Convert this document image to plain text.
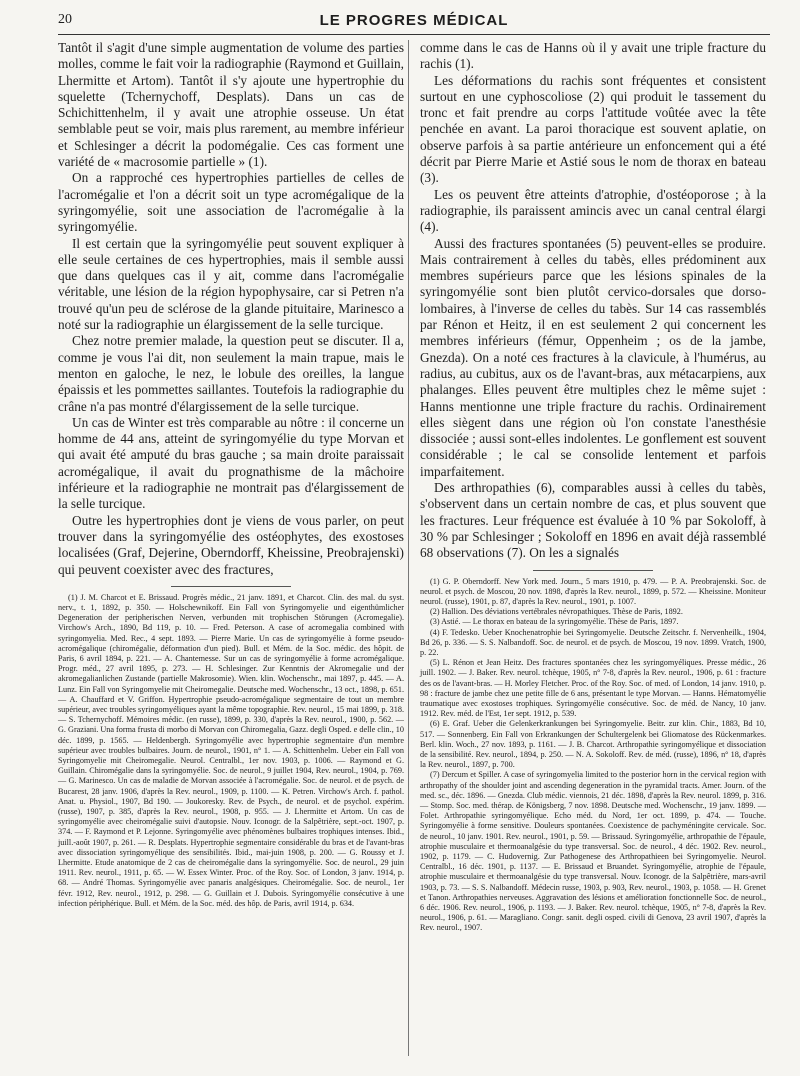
20	LE PROGRES MÉDICAL

Tantôt il s'agit d'une simple augmentation de volume des parties molles, comme le fait voir la radiographie (Raymond et Guillain, Lhermitte et Artom). Tantôt il s'y ajoute une hypertrophie du squelette (Tchernychoff, Desplats). Dans un cas de Schichittenhelm, il y avait une atrophie osseuse. Un état semblable peut se voir, mais plus rarement, au membre inférieur et Schlesinger a décrit la podomégalie. Ces cas forment une variété de « macrosomie partielle » (1).

On a rapproché ces hypertrophies partielles de celles de l'acromégalie et l'on a décrit soit un type acromégalique de la syringomyélie, soit une association de l'acromégalie à la syringomyélie.

Il est certain que la syringomyélie peut souvent expliquer à elle seule certaines de ces hypertrophies, mais il semble aussi que dans quelques cas il y ait, comme dans l'acromégalie véritable, une lésion de la région hypophysaire, car si Petren n'a trouvé qu'un peu de sclérose de la glande pituitaire, Marinesco a noté sur la radiographie un élargissement de la selle turcique.

Chez notre premier malade, la question peut se discuter. Il a, comme je vous l'ai dit, non seulement la main trapue, mais le menton en galoche, le nez, le lobule des oreilles, la langue épaissis et les pommettes saillantes. Toutefois la radiographie du crâne n'a pas montré d'élargissement de la selle turcique.

Un cas de Winter est très comparable au nôtre : il concerne un homme de 44 ans, atteint de syringomyélie du type Morvan et qui avait été amputé du bras gauche ; sa main droite paraissait acromégalique, il avait du prognathisme de la mâchoire inférieure et la radiographie ne montrait pas d'élargissement de la selle turcique.

Outre les hypertrophies dont je viens de vous parler, on peut trouver dans la syringomyélie des ostéophytes, des exostoses localisées (Graf, Dejerine, Oberndorff, Kheissine, Preobrajenski) qui peuvent coexister avec des fractures,

(1) J. M. Charcot et E. Brissaud. Progrès médic., 21 janv. 1891, et Charcot. Clin. des mal. du syst. nerv., t. 1, 1892, p. 350. — Holschewnikoff. Ein Fall von Syringomyelie und eigenthümlicher Degeneration der peripherischen Nerven, verbunden mit trophischen Störungen (Acromegalie). Virchow's Arch., 1890, Bd 119, p. 10. — Fred. Peterson. A case of acromegalia combined with syringomyelia. Med. Rec., 4 sept. 1893. — Pierre Marie. Un cas de syringomyélie à forme pseudo-acromégalique (chiromégalie, déformation d'un pied). Bull. et Mém. de la Soc. médic. des hôpit. de Paris, 6 avril 1894, p. 221. — A. Chantemesse. Sur un cas de syringomyélie à forme acromégalique. Progr. méd., 27 avril 1895, p. 273. — H. Schlesinger. Zur Kenntnis der Akromegalie und der akromegalianlichen Zustande (partielle Makrosomie). Wien. klin. Wochenschr., mai 1897, p. 445. — A. Lunz. Ein Fall von Syringomyelie mit Cheiromegalie. Deutsche med. Wochenschr., 13 oct., 1898, p. 651. — A. Chauffard et V. Griffon. Hypertrophie pseudo-acromégalique segmentaire de tout un membre supérieur, avec troubles syringomyéliques ayant la même topographie. Rev. neurol., 15 mai 1899, p. 318. — S. Tchernychoff. Mémoires médic. (en russe), 1899, p. 330, d'après la Rev. neurol., 1900, p. 562. — G. Graziani. Una forma frusta di morbo di Morvan con Chiromegalia, Gazz. degli Osped. e delle clin., 10 déc. 1899, p. 1565. — Heldenbergh. Syringomyélie avec hypertrophie segmentaire d'un membre supérieur avec troubles bulbaires. Journ. de neurol., 1901, n° 1. — A. Schittenhelm. Ueber ein Fall von Syringomyelie mit Cheiromegalie. Neurol. Centralbl., 1er nov. 1903, p. 1006. — Raymond et G. Guillain. Chiromégalie dans la syringomyélie. Soc. de neurol., 9 juillet 1904, Rev. neurol., 1904, p. 769. — G. Marinesco. Un cas de maladie de Morvan associée à l'acromégalie. Soc. de neurol. et de psych. de Bucarest, 28 janv. 1906, d'après la Rev. neurol., 1909, p. 1100. — K. Petren. Virchow's Arch. f. pathol. Anat. u. Physiol., 1907, Bd 190. — Joukoresky. Rev. de Psych., de neurol. et de psychol. expérim. (russe), 1907, p. 385, d'après la Rev. neurol., 1908, p. 955. — J. Lhermitte et Artom. Un cas de syringomyélie avec cheiromégalie suivi d'autopsie. Nouv. Iconogr. de la Salpêtrière, sept.-oct. 1907, p. 374. — F. Raymond et P. Lejonne. Syringomyélie avec phénomènes bulbaires trophiques intenses. Ibid., juill.-août 1907, p. 261. — R. Desplats. Hypertrophie segmentaire considérable du bras et de l'avant-bras avec dissociation syringomyélique des sensibilités. Ibid., mai-juin 1908, p. 200. — G. Roussy et J. Lhermitte. Etude anatomique de 2 cas de cheiromégalie dans la syringomyélie. Soc. de neurol., 29 juin 1911. Rev. neurol., 1911, p. 65. — W. Essex Winter. Proc. of the Roy. Soc. of London, 3 janv. 1914, p. 68. — André Thomas. Syringomyélie avec panaris analgésiques. Cheiromégalie. Soc. de neurol., 1er févr. 1912, Rev. neurol., 1912, p. 298. — G. Guillain et J. Dubois. Syringomyélie consécutive à une infection périphérique. Bull. et Mém. de la Soc. méd. des hôp. de Paris, avril 1914, p. 634.

comme dans le cas de Hanns où il y avait une triple fracture du rachis (1).

Les déformations du rachis sont fréquentes et consistent surtout en une cyphoscoliose (2) qui produit le tassement du tronc et fait prendre au corps l'attitude voûtée avec la tête penchée en avant. La paroi thoracique est souvent aplatie, on observe parfois à sa partie antérieure un enfoncement qui a été décrit par Pierre Marie et Astié sous le nom de thorax en bateau (3).

Les os peuvent être atteints d'atrophie, d'ostéoporose ; à la radiographie, ils paraissent amincis avec un canal central élargi (4).

Aussi des fractures spontanées (5) peuvent-elles se produire. Mais contrairement à celles du tabès, elles prédominent aux membres supérieurs parce que les lésions spinales de la syringomyélie sont bien plutôt cervico-dorsales que dorso-lombaires, à l'inverse de celles du tabès. Sur 14 cas rassemblés par Rénon et Heitz, il en est seulement 2 qui concernent les membres inférieurs (fémur, Oppenheim ; os de la jambe, Gnezda). On a noté ces fractures à la clavicule, à l'humérus, au radius, au cubitus, aux os de l'avant-bras, aux métacarpiens, aux phalanges. Elles peuvent être multiples chez le même sujet : Hanns mentionne une triple fracture du rachis. Ordinairement elles siègent dans une région où l'on constate l'anesthésie dissociée ; aussi sont-elles indolentes. Le gonflement est souvent considérable ; le cal se consolide lentement et parfois imparfaitement.

Des arthropathies (6), comparables aussi à celles du tabès, s'observent dans un certain nombre de cas, et plus souvent que les fractures. Leur fréquence est évaluée à 10 % par Sokoloff, à 30 % par Schlesinger ; Sokoloff en 1896 en avait déjà rassemblé 68 observations (7). On les a signalés

(1) G. P. Oberndorff. New York med. Journ., 5 mars 1910, p. 479. — P. A. Preobrajenski. Soc. de neurol. et psych. de Moscou, 20 nov. 1898, d'après la Rev. neurol., 1899, p. 572. — Kheissine. Moniteur neurol. (russe), 1901, p. 87, d'après la Rev. neurol., 1901, p. 1007.

(2) Hallion. Des déviations vertébrales névropathiques. Thèse de Paris, 1892.

(3) Astié. — Le thorax en bateau de la syringomyélie. Thèse de Paris, 1897.

(4) F. Tedesko. Ueber Knochenatrophie bei Syringomyelie. Deutsche Zeitschr. f. Nervenheilk., 1904, Bd 26, p. 336. — S. S. Nalbandoff. Soc. de neurol. et de psych. de Moscou, 19 nov. 1899. Vratch, 1900, p. 22.

(5) L. Rénon et Jean Heitz. Des fractures spontanées chez les syringomyéliques. Presse médic., 26 juill. 1902. — J. Baker. Rev. neurol. tchèque, 1905, n° 7-8, d'après la Rev. neurol., 1906, p. 61 : fracture des os de l'avant-bras. — H. Morley Fletcher. Proc. of the Roy. Soc. of med. of London, 14 janv. 1910, p. 98 : fracture de jambe chez une petite fille de 6 ans, présentant le type Morvan. — Hanns. Hématomyélie traumatique avec exostoses trophiques. Syringomyélie consécutive. Soc. de méd. de Nancy, 10 janv. 1912. Rev. méd. de l'Est, 1er sept. 1912, p. 539.

(6) E. Graf. Ueber die Gelenkerkrankungen bei Syringomyelie. Beitr. zur klin. Chir., 1883, Bd 10, 517. — Sonnenberg. Ein Fall von Erkrankungen der Schultergelenk bei Gliomatose des Rückenmarkes. Berl. klin. Woch., 27 nov. 1893, p. 1161. — J. B. Charcot. Arthropathie syringomyélique et dissociation de la sensibilité. Rev. neurol., 1894, p. 250. — N. A. Sokoloff. Rev. de méd. (russe), 1896, n° 18, d'après la Rev. neurol., 1897, p. 700.

(7) Dercum et Spiller. A case of syringomyelia limited to the posterior horn in the cervical region with arthropathy of the shoulder joint and ascending degeneration in the pyramidal tracts. Amer. Journ. of the med. sc., déc. 1896. — Gnezda. Club médic. viennois, 21 déc. 1898, d'après la Rev. neurol. 1899, p. 316. — Stomp. Soc. med. thérap. de Königsberg, 7 nov. 1898. Deutsche med. Wochenschr., 19 janv. 1899. — Folet. Arthropathie syringomyélique. Echo méd. du Nord, 1er oct. 1899, p. 474. — Touche. Syringomyélie à forme sensitive. Douleurs spontanées. Coexistence de pachyméningite cervicale. Soc. de neurol., 10 janv. 1901. Rev. neurol., 1901, p. 59. — Brissaud. Syringomyélie, arthropathie de l'épaule, atrophie musculaire et thermoanalgésie du type transversal. Soc. de neurol., 4 déc. 1902. Rev. neurol., 1902, p. 1179. — C. Hudovernig. Zur Pathogenese des Arthropathieen bei Syringomyelie. Neurol. Centralbl., 16 déc. 1901, p. 1137. — E. Brissaud et Bruandet. Syringomyélie, atrophie de l'épaule, atrophie musculaire et thermoanalgésie du type transversal. Nouv. Iconogr. de la Salpêtrière, mars-avril 1903, p. 73. — S. S. Nalbandoff. Médecin russe, 1903, p. 903, Rev. neurol., 1903, p. 1058. — H. Grenet et Tanon. Arthropathies nerveuses. Aggravation des lésions et amélioration fonctionnelle Soc. de neurol., 6 déc. 1906. Rev. neurol., 1906, p. 1193. — J. Baker. Rev. neurol. tchèque, 1905, n° 7-8, d'après la Rev. neurol., 1906, p. 61. — Maragliano. Congr. sanit. degli osped. civili di Genova, 23 avril 1907, d'après la Rev. neurol., 1907.
